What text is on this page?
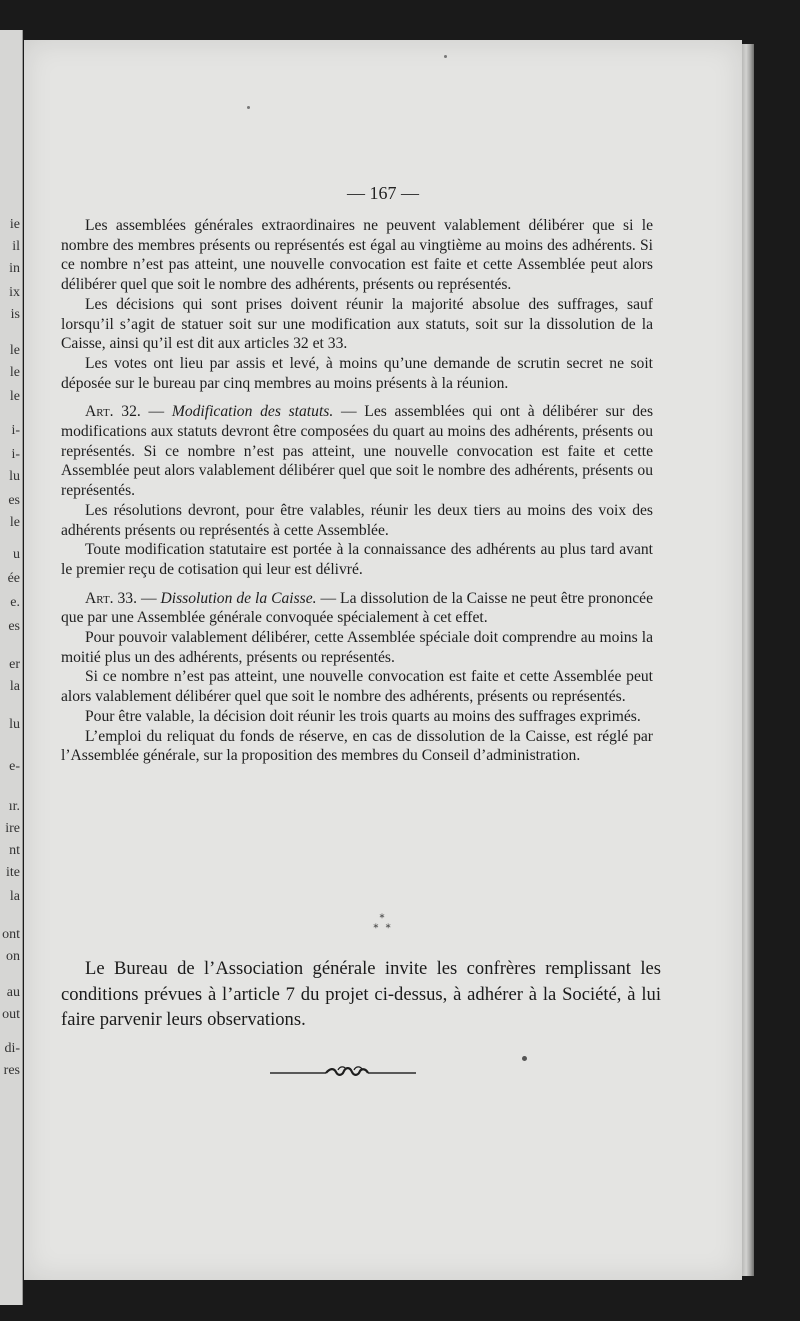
ie
il
in
ix
is
le
le
le
i-
i-
lu
es
le
u
ée
e.
es
er
la
lu
e-
ır.
ire
nt
ite
la
ont
on
au
out
di-
res
— 167 —

Les assemblées générales extraordinaires ne peuvent valablement délibérer que si le nombre des membres présents ou représentés est égal au vingtième au moins des adhérents. Si ce nombre n’est pas atteint, une nouvelle convocation est faite et cette Assemblée peut alors délibérer quel que soit le nombre des adhérents, présents ou représentés.

Les décisions qui sont prises doivent réunir la majorité absolue des suffrages, sauf lorsqu’il s’agit de statuer soit sur une modification aux statuts, soit sur la dissolution de la Caisse, ainsi qu’il est dit aux articles 32 et 33.

Les votes ont lieu par assis et levé, à moins qu’une demande de scrutin secret ne soit déposée sur le bureau par cinq membres au moins présents à la réunion.

Art. 32. — Modification des statuts. — Les assemblées qui ont à délibérer sur des modifications aux statuts devront être composées du quart au moins des adhérents, présents ou représentés. Si ce nombre n’est pas atteint, une nouvelle convocation est faite et cette Assemblée peut alors valablement délibérer quel que soit le nombre des adhérents, présents ou représentés.

Les résolutions devront, pour être valables, réunir les deux tiers au moins des voix des adhérents présents ou représentés à cette Assemblée.

Toute modification statutaire est portée à la connaissance des adhérents au plus tard avant le premier reçu de cotisation qui leur est délivré.

Art. 33. — Dissolution de la Caisse. — La dissolution de la Caisse ne peut être prononcée que par une Assemblée générale convoquée spécialement à cet effet.

Pour pouvoir valablement délibérer, cette Assemblée spéciale doit comprendre au moins la moitié plus un des adhérents, présents ou représentés.

Si ce nombre n’est pas atteint, une nouvelle convocation est faite et cette Assemblée peut alors valablement délibérer quel que soit le nombre des adhérents, présents ou représentés.

Pour être valable, la décision doit réunir les trois quarts au moins des suffrages exprimés.

L’emploi du reliquat du fonds de réserve, en cas de dissolution de la Caisse, est réglé par l’Assemblée générale, sur la proposition des membres du Conseil d’administration.

*
* *

Le Bureau de l’Association générale invite les confrères remplissant les conditions prévues à l’article 7 du projet ci-dessus, à adhérer à la Société, à lui faire parvenir leurs observations.
